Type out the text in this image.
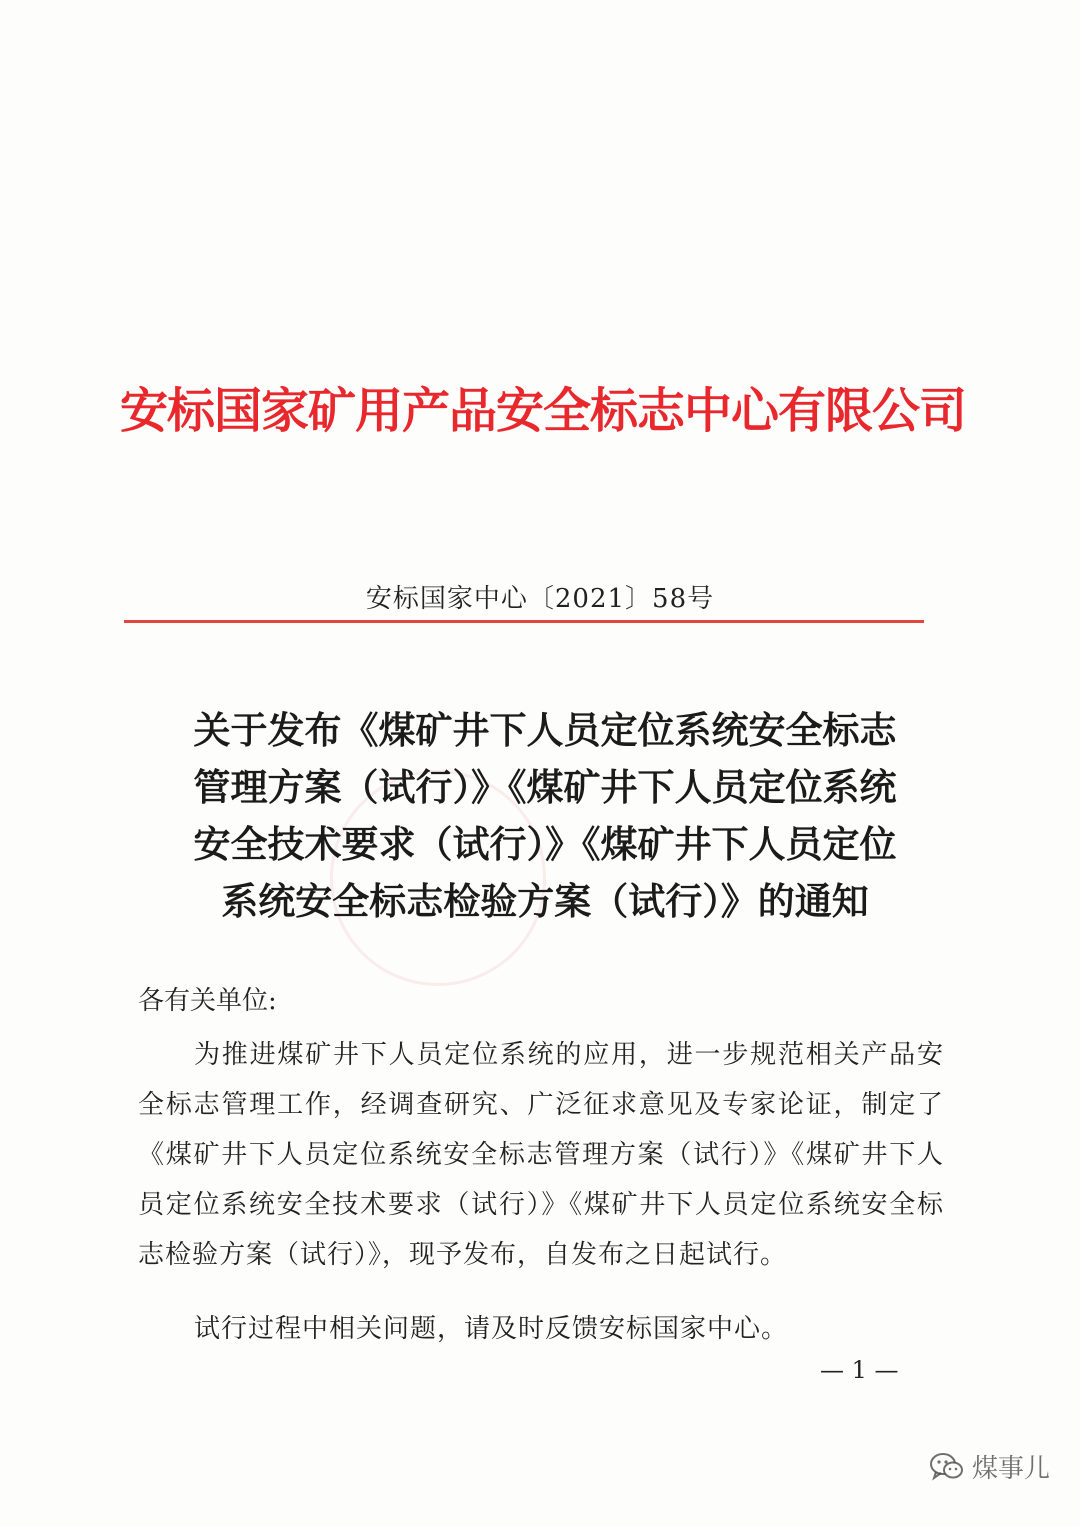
安标国家矿用产品安全标志中心有限公司
安标国家中心〔2021〕58号
关于发布《煤矿井下人员定位系统安全标志
管理方案（试行）》《煤矿井下人员定位系统
安全技术要求（试行）》《煤矿井下人员定位
系统安全标志检验方案（试行）》的通知
各有关单位:
为推进煤矿井下人员定位系统的应用，进一步规范相关产品安全标志管理工作，经调查研究、广泛征求意见及专家论证，制定了《煤矿井下人员定位系统安全标志管理方案（试行）》《煤矿井下人员定位系统安全技术要求（试行）》《煤矿井下人员定位系统安全标志检验方案（试行）》，现予发布，自发布之日起试行。
试行过程中相关问题，请及时反馈安标国家中心。
— 1 —
煤事儿
